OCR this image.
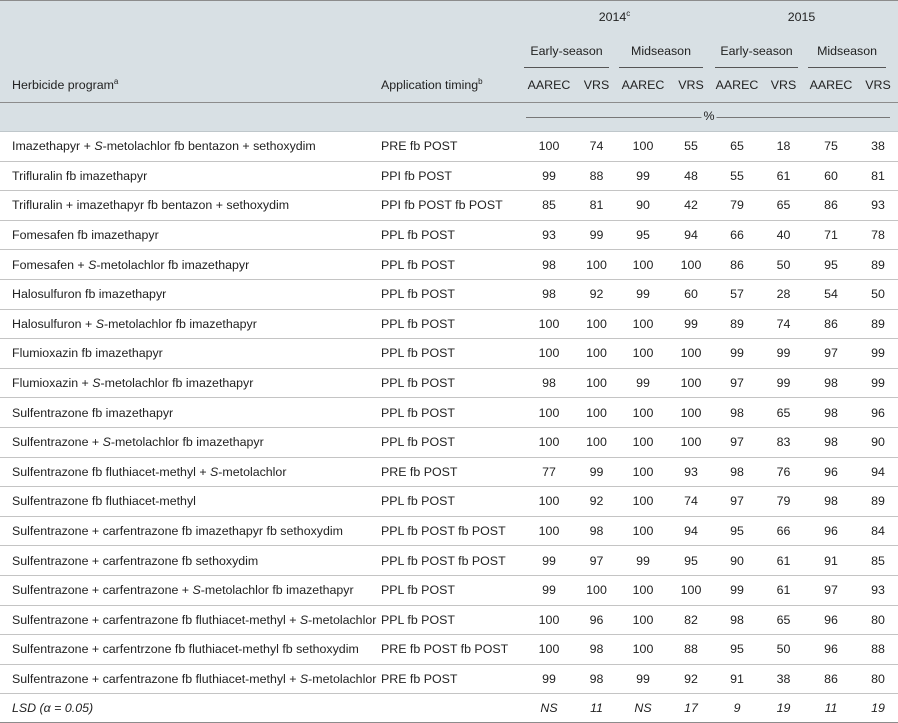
		2014$^c$				2015			

		Early-season		Midseason		Early-season		Midseason	

Herbicide program$^a$	Application timing$^b$	AAREC	VRS	AAREC	VRS	AAREC	VRS	AAREC	VRS

		%							

Imazethapyr + S-metolachlor fb bentazon + sethoxydim	PRE fb POST	100	74	100	55	65	18	75	38
Trifluralin fb imazethapyr	PPI fb POST	99	88	99	48	55	61	60	81
Trifluralin + imazethapyr fb bentazon + sethoxydim	PPI fb POST fb POST	85	81	90	42	79	65	86	93
Fomesafen fb imazethapyr	PPL fb POST	93	99	95	94	66	40	71	78
Fomesafen + S-metolachlor fb imazethapyr	PPL fb POST	98	100	100	100	86	50	95	89
Halosulfuron fb imazethapyr	PPL fb POST	98	92	99	60	57	28	54	50
Halosulfuron + S-metolachlor fb imazethapyr	PPL fb POST	100	100	100	99	89	74	86	89
Flumioxazin fb imazethapyr	PPL fb POST	100	100	100	100	99	99	97	99
Flumioxazin + S-metolachlor fb imazethapyr	PPL fb POST	98	100	99	100	97	99	98	99
Sulfentrazone fb imazethapyr	PPL fb POST	100	100	100	100	98	65	98	96
Sulfentrazone + S-metolachlor fb imazethapyr	PPL fb POST	100	100	100	100	97	83	98	90
Sulfentrazone fb fluthiacet-methyl + S-metolachlor	PRE fb POST	77	99	100	93	98	76	96	94
Sulfentrazone fb fluthiacet-methyl	PPL fb POST	100	92	100	74	97	79	98	89
Sulfentrazone + carfentrazone fb imazethapyr fb sethoxydim	PPL fb POST fb POST	100	98	100	94	95	66	96	84
Sulfentrazone + carfentrazone fb sethoxydim	PPL fb POST fb POST	99	97	99	95	90	61	91	85
Sulfentrazone + carfentrazone + S-metolachlor fb imazethapyr	PPL fb POST	99	100	100	100	99	61	97	93
Sulfentrazone + carfentrazone fb fluthiacet-methyl + S-metolachlor	PPL fb POST	100	96	100	82	98	65	96	80
Sulfentrazone + carfentrzone fb fluthiacet-methyl fb sethoxydim	PRE fb POST fb POST	100	98	100	88	95	50	96	88
Sulfentrazone + carfentrazone fb fluthiacet-methyl + S-metolachlor	PRE fb POST	99	98	99	92	91	38	86	80
LSD (α = 0.05)		NS	11	NS	17	9	19	11	19
